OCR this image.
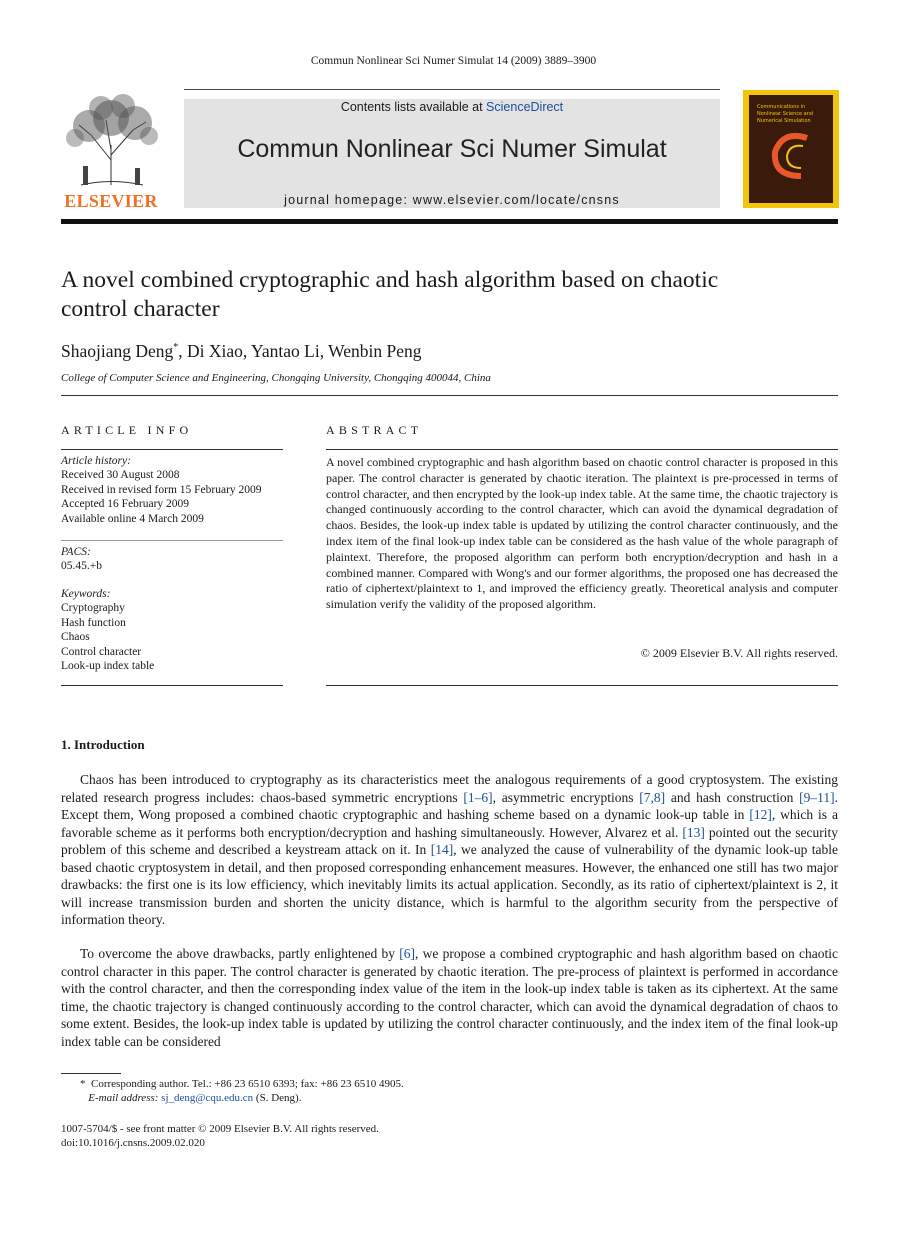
Commun Nonlinear Sci Numer Simulat 14 (2009) 3889–3900
ELSEVIER
Contents lists available at ScienceDirect
Commun Nonlinear Sci Numer Simulat
journal homepage: www.elsevier.com/locate/cnsns
Communications in
Nonlinear Science and
Numerical Simulation
A novel combined cryptographic and hash algorithm based on chaotic
control character
Shaojiang Deng*, Di Xiao, Yantao Li, Wenbin Peng
College of Computer Science and Engineering, Chongqing University, Chongqing 400044, China
ARTICLE INFO
Article history:
Received 30 August 2008
Received in revised form 15 February 2009
Accepted 16 February 2009
Available online 4 March 2009
PACS:
05.45.+b
Keywords:
Cryptography
Hash function
Chaos
Control character
Look-up index table
ABSTRACT
A novel combined cryptographic and hash algorithm based on chaotic control character is proposed in this paper. The control character is generated by chaotic iteration. The plaintext is pre-processed in terms of control character, and then encrypted by the look-up index table. At the same time, the chaotic trajectory is changed continuously according to the control character, which can avoid the dynamical degradation of chaos. Besides, the look-up index table is updated by utilizing the control character continuously, and the index item of the final look-up index table can be considered as the hash value of the whole paragraph of plaintext. Therefore, the proposed algorithm can perform both encryption/decryption and hash in a combined manner. Compared with Wong's and our former algorithms, the proposed one has decreased the ratio of ciphertext/plaintext to 1, and improved the efficiency greatly. Theoretical analysis and computer simulation verify the validity of the proposed algorithm.
© 2009 Elsevier B.V. All rights reserved.
1. Introduction

Chaos has been introduced to cryptography as its characteristics meet the analogous requirements of a good cryptosystem. The existing related research progress includes: chaos-based symmetric encryptions [1–6], asymmetric encryptions [7,8] and hash construction [9–11]. Except them, Wong proposed a combined chaotic cryptographic and hashing scheme based on a dynamic look-up table in [12], which is a favorable scheme as it performs both encryption/decryption and hashing simultaneously. However, Alvarez et al. [13] pointed out the security problem of this scheme and described a keystream attack on it. In [14], we analyzed the cause of vulnerability of the dynamic look-up table based chaotic cryptosystem in detail, and then proposed corresponding enhancement measures. However, the enhanced one still has two major drawbacks: the first one is its low efficiency, which inevitably limits its actual application. Secondly, as its ratio of ciphertext/plaintext is 2, it will increase transmission burden and shorten the unicity distance, which is harmful to the algorithm security from the perspective of information theory.

To overcome the above drawbacks, partly enlightened by [6], we propose a combined cryptographic and hash algorithm based on chaotic control character in this paper. The control character is generated by chaotic iteration. The pre-process of plaintext is performed in accordance with the control character, and then the corresponding index value of the item in the look-up index table is taken as its ciphertext. At the same time, the chaotic trajectory is changed continuously according to the control character, which can avoid the dynamical degradation of chaos to some extent. Besides, the look-up index table is updated by utilizing the control character continuously, and the index item of the final look-up index table can be considered

* Corresponding author. Tel.: +86 23 6510 6393; fax: +86 23 6510 4905.
E-mail address: sj_deng@cqu.edu.cn (S. Deng).
1007-5704/$ - see front matter © 2009 Elsevier B.V. All rights reserved.
doi:10.1016/j.cnsns.2009.02.020
